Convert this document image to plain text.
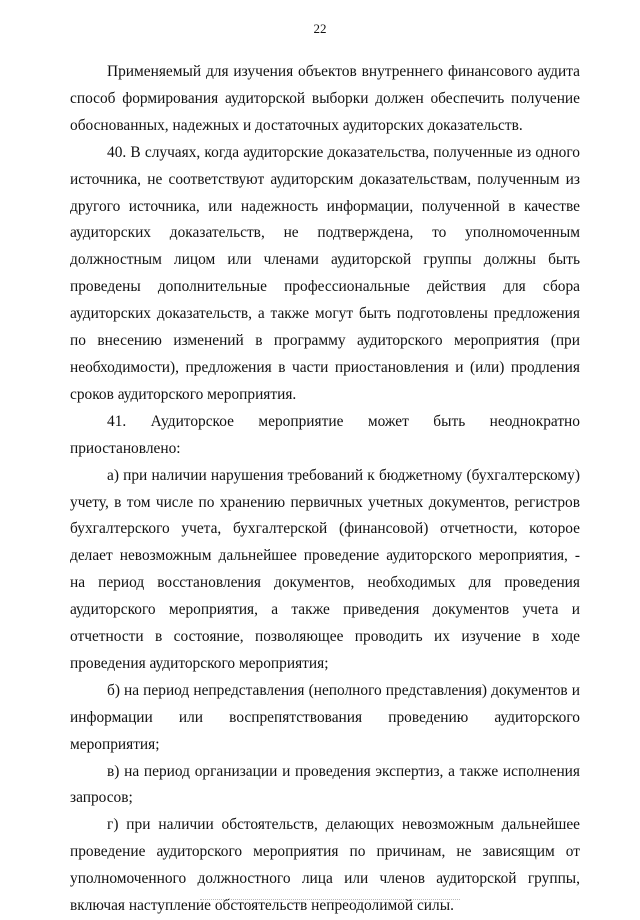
22

Применяемый для изучения объектов внутреннего финансового аудита способ формирования аудиторской выборки должен обеспечить получение обоснованных, надежных и достаточных аудиторских доказательств.

40. В случаях, когда аудиторские доказательства, полученные из одного источника, не соответствуют аудиторским доказательствам, полученным из другого источника, или надежность информации, полученной в качестве аудиторских доказательств, не подтверждена, то уполномоченным должностным лицом или членами аудиторской группы должны быть проведены дополнительные профессиональные действия для сбора аудиторских доказательств, а также могут быть подготовлены предложения по внесению изменений в программу аудиторского мероприятия (при необходимости), предложения в части приостановления и (или) продления сроков аудиторского мероприятия.

41. Аудиторское мероприятие может быть неоднократно приостановлено:

а) при наличии нарушения требований к бюджетному (бухгалтерскому) учету, в том числе по хранению первичных учетных документов, регистров бухгалтерского учета, бухгалтерской (финансовой) отчетности, которое делает невозможным дальнейшее проведение аудиторского мероприятия, - на период восстановления документов, необходимых для проведения аудиторского мероприятия, а также приведения документов учета и отчетности в состояние, позволяющее проводить их изучение в ходе проведения аудиторского мероприятия;

б) на период непредставления (неполного представления) документов и информации или воспрепятствования проведению аудиторского мероприятия;

в) на период организации и проведения экспертиз, а также исполнения запросов;

г) при наличии обстоятельств, делающих невозможным дальнейшее проведение аудиторского мероприятия по причинам, не зависящим от уполномоченного должностного лица или членов аудиторской группы, включая наступление обстоятельств непреодолимой силы.
